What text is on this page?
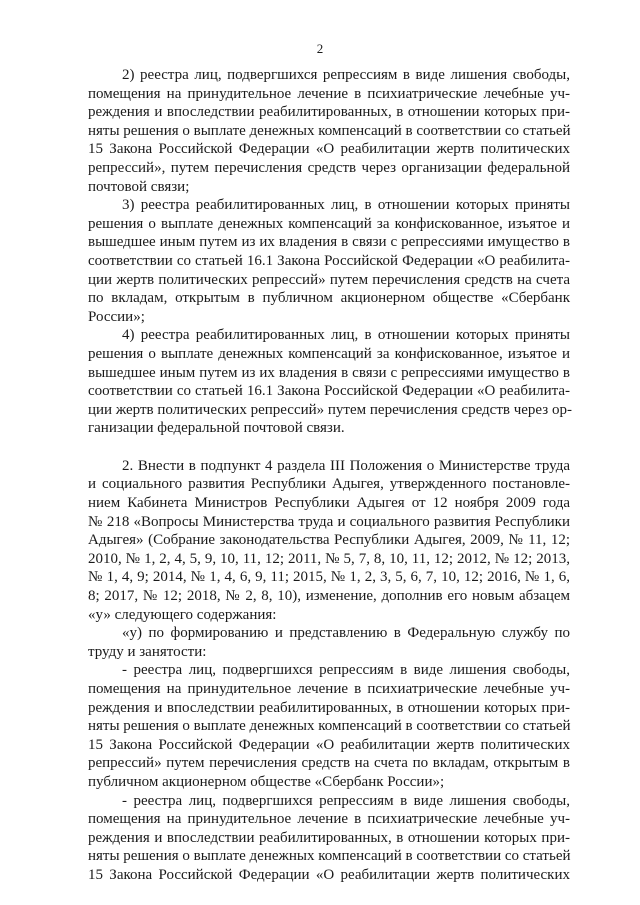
2
2) реестра лиц, подвергшихся репрессиям в виде лишения свободы,
помещения на принудительное лечение в психиатрические лечебные уч-
реждения и впоследствии реабилитированных, в отношении которых при-
няты решения о выплате денежных компенсаций в соответствии со статьей
15 Закона Российской Федерации «О реабилитации жертв политических
репрессий», путем перечисления средств через организации федеральной
почтовой связи;
3) реестра реабилитированных лиц, в отношении которых приняты
решения о выплате денежных компенсаций за конфискованное, изъятое и
вышедшее иным путем из их владения в связи с репрессиями имущество в
соответствии со статьей 16.1 Закона Российской Федерации «О реабилита-
ции жертв политических репрессий» путем перечисления средств на счета
по вкладам, открытым в публичном акционерном обществе «Сбербанк
России»;
4) реестра реабилитированных лиц, в отношении которых приняты
решения о выплате денежных компенсаций за конфискованное, изъятое и
вышедшее иным путем из их владения в связи с репрессиями имущество в
соответствии со статьей 16.1 Закона Российской Федерации «О реабилита-
ции жертв политических репрессий» путем перечисления средств через ор-
ганизации федеральной почтовой связи.
2. Внести в подпункт 4 раздела III Положения о Министерстве труда
и социального развития Республики Адыгея, утвержденного постановле-
нием Кабинета Министров Республики Адыгея от 12 ноября 2009 года
№ 218 «Вопросы Министерства труда и социального развития Республики
Адыгея» (Собрание законодательства Республики Адыгея, 2009, № 11, 12;
2010, № 1, 2, 4, 5, 9, 10, 11, 12; 2011, № 5, 7, 8, 10, 11, 12; 2012, № 12; 2013,
№ 1, 4, 9; 2014, № 1, 4, 6, 9, 11; 2015, № 1, 2, 3, 5, 6, 7, 10, 12; 2016, № 1, 6,
8; 2017, № 12; 2018, № 2, 8, 10), изменение, дополнив его новым абзацем
«у» следующего содержания:
«у) по формированию и представлению в Федеральную службу по
труду и занятости:
- реестра лиц, подвергшихся репрессиям в виде лишения свободы,
помещения на принудительное лечение в психиатрические лечебные уч-
реждения и впоследствии реабилитированных, в отношении которых при-
няты решения о выплате денежных компенсаций в соответствии со статьей
15 Закона Российской Федерации «О реабилитации жертв политических
репрессий» путем перечисления средств на счета по вкладам, открытым в
публичном акционерном обществе «Сбербанк России»;
- реестра лиц, подвергшихся репрессиям в виде лишения свободы,
помещения на принудительное лечение в психиатрические лечебные уч-
реждения и впоследствии реабилитированных, в отношении которых при-
няты решения о выплате денежных компенсаций в соответствии со статьей
15 Закона Российской Федерации «О реабилитации жертв политических
